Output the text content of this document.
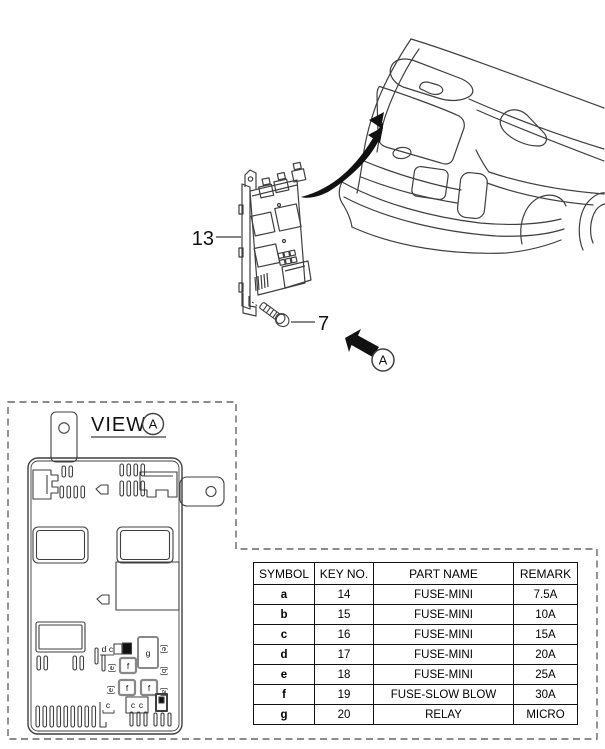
13
7
A
VIEW A
d c	g
f
f f
[e]
[e]
[e]
[b]
[a]
c c c
SYMBOL	KEY NO.	PART NAME	REMARK
a	14	FUSE-MINI	7.5A
b	15	FUSE-MINI	10A
c	16	FUSE-MINI	15A
d	17	FUSE-MINI	20A
e	18	FUSE-MINI	25A
f	19	FUSE-SLOW BLOW	30A
g	20	RELAY	MICRO
